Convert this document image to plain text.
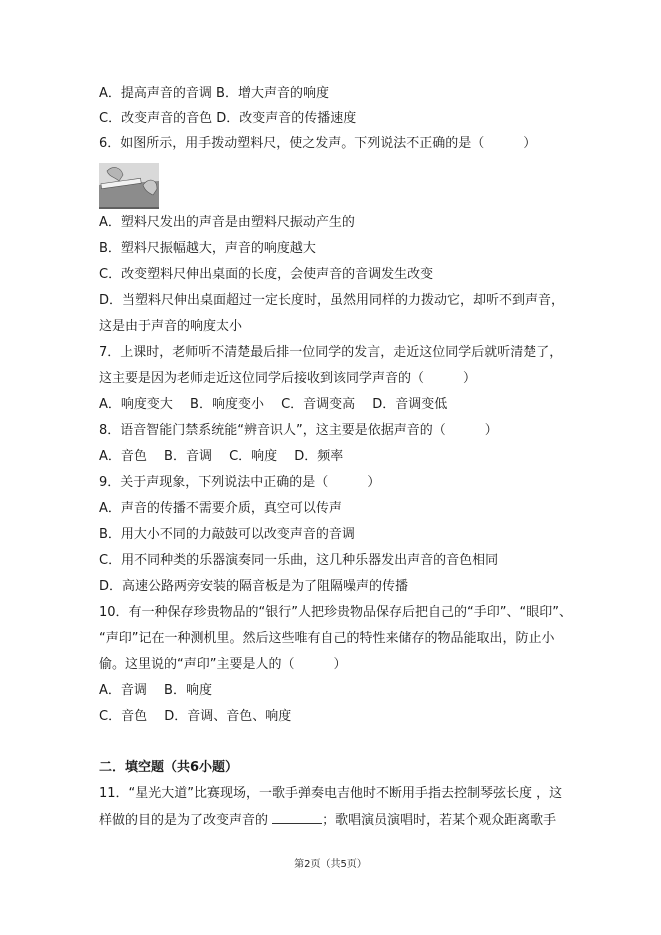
A．提高声音的音调 B．增大声音的响度
C．改变声音的音色 D．改变声音的传播速度
6．如图所示，用手拨动塑料尺，使之发声。下列说法不正确的是（　　　）
A．塑料尺发出的声音是由塑料尺振动产生的
B．塑料尺振幅越大，声音的响度越大
C．改变塑料尺伸出桌面的长度，会使声音的音调发生改变
D．当塑料尺伸出桌面超过一定长度时，虽然用同样的力拨动它，却听不到声音，
这是由于声音的响度太小
7．上课时，老师听不清楚最后排一位同学的发言，走近这位同学后就听清楚了，
这主要是因为老师走近这位同学后接收到该同学声音的（　　　）
A．响度变大　 B．响度变小　 C．音调变高　 D．音调变低
8．语音智能门禁系统能“辨音识人”，这主要是依据声音的（　　　）
A．音色　 B．音调　 C．响度　 D．频率
9．关于声现象，下列说法中正确的是（　　　）
A．声音的传播不需要介质，真空可以传声
B．用大小不同的力敲鼓可以改变声音的音调
C．用不同种类的乐器演奏同一乐曲，这几种乐器发出声音的音色相同
D．高速公路两旁安装的隔音板是为了阻隔噪声的传播
10．有一种保存珍贵物品的“银行”人把珍贵物品保存后把自己的“手印”、“眼印”、
“声印”记在一种测机里。然后这些唯有自己的特性来储存的物品能取出，防止小
偷。这里说的“声印”主要是人的（　　　）
A．音调　 B．响度
C．音色　 D．音调、音色、响度
二．填空题（共6小题）
11．“星光大道”比赛现场，一歌手弹奏电吉他时不断用手指去控制琴弦长度 ，这
样做的目的是为了改变声音的	；歌唱演员演唱时，若某个观众距离歌手
第2页（共5页）
